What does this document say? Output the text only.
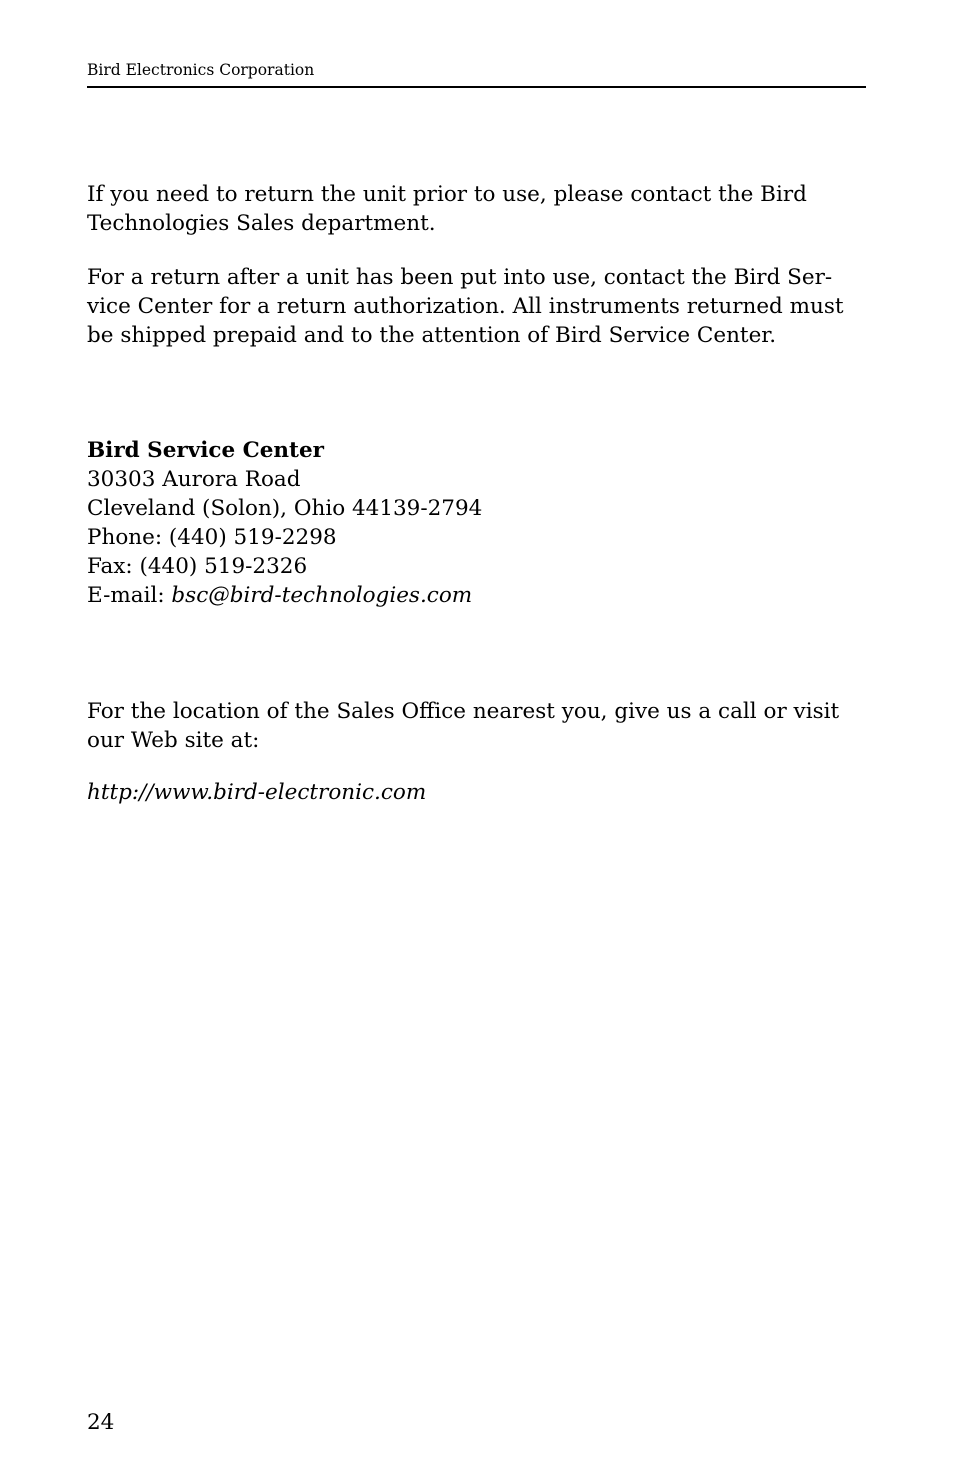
Bird Electronics Corporation
If you need to return the unit prior to use, please contact the Bird
Technologies Sales department.
For a return after a unit has been put into use, contact the Bird Ser-
vice Center for a return authorization. All instruments returned must
be shipped prepaid and to the attention of Bird Service Center.
Bird Service Center
30303 Aurora Road
Cleveland (Solon), Ohio 44139-2794
Phone: (440) 519-2298
Fax: (440) 519-2326
E-mail: bsc@bird-technologies.com
For the location of the Sales Office nearest you, give us a call or visit
our Web site at:
http://www.bird-electronic.com
24
